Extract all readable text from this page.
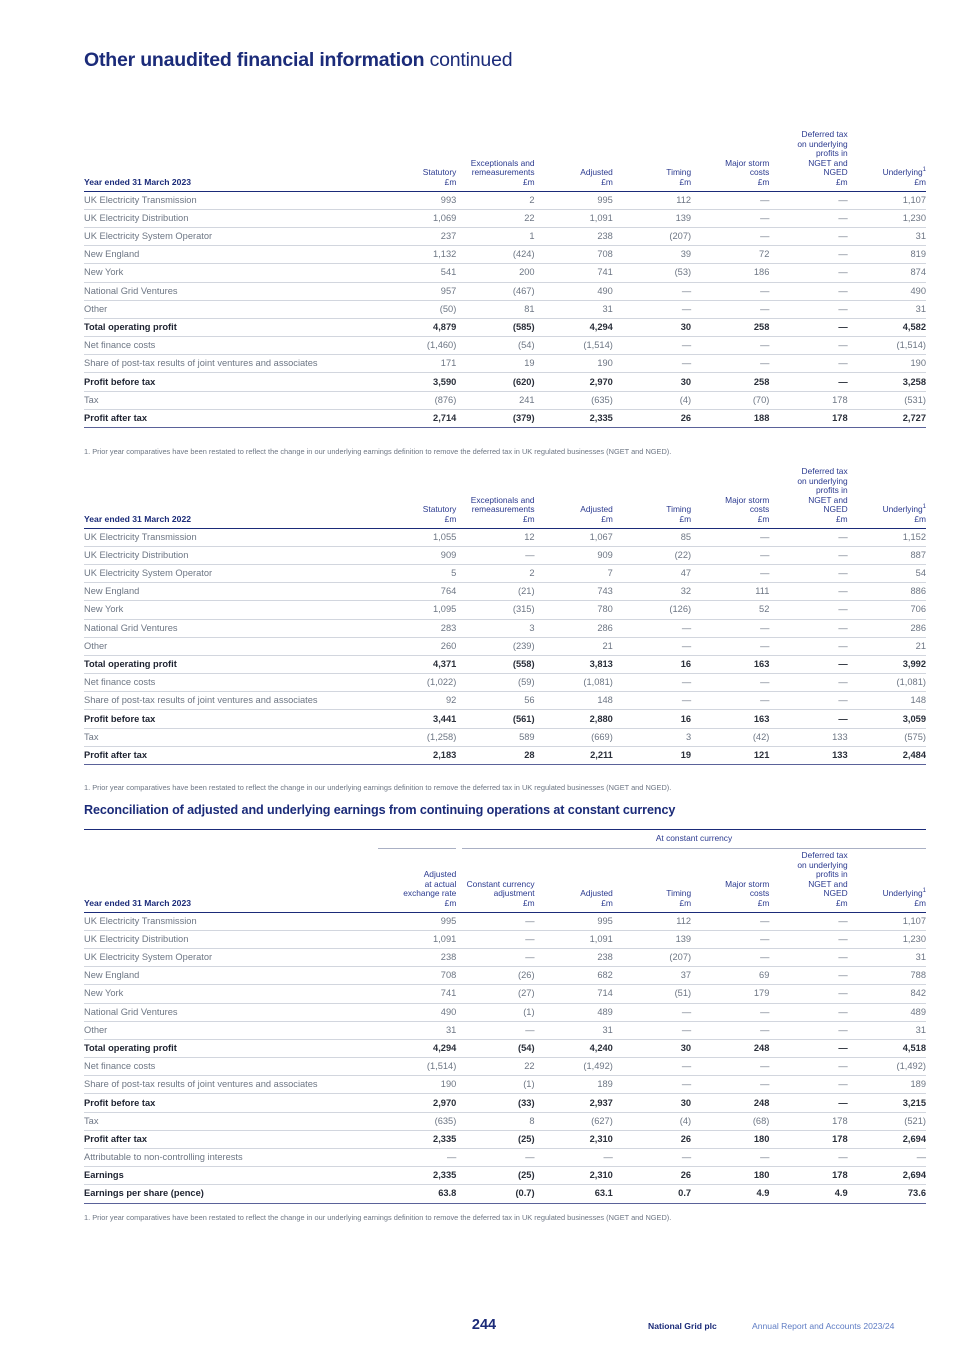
Other unaudited financial information continued
Year ended 31 March 2023	

Statutory
£m

Exceptionals and
remeasurements
£m

Adjusted
£m

Timing
£m

Major storm
costs
£m

Deferred tax
on underlying
profits in
NGET and
NGED
£m

Underlying$^1$
£m

UK Electricity Transmission	993	2	995	112	—	—	1,107
UK Electricity Distribution	1,069	22	1,091	139	—	—	1,230
UK Electricity System Operator	237	1	238	(207)	—	—	31
New England	1,132	(424)	708	39	72	—	819
New York	541	200	741	(53)	186	—	874
National Grid Ventures	957	(467)	490	—	—	—	490
Other	(50)	81	31	—	—	—	31
Total operating profit	4,879	(585)	4,294	30	258	—	4,582
Net finance costs	(1,460)	(54)	(1,514)	—	—	—	(1,514)
Share of post-tax results of joint ventures and associates	171	19	190	—	—	—	190
Profit before tax	3,590	(620)	2,970	30	258	—	3,258
Tax	(876)	241	(635)	(4)	(70)	178	(531)
Profit after tax	2,714	(379)	2,335	26	188	178	2,727
1. Prior year comparatives have been restated to reflect the change in our underlying earnings definition to remove the deferred tax in UK regulated businesses (NGET and NGED).
Year ended 31 March 2022	

Statutory
£m

Exceptionals and
remeasurements
£m

Adjusted
£m

Timing
£m

Major storm
costs
£m

Deferred tax
on underlying
profits in
NGET and
NGED
£m

Underlying$^1$
£m

UK Electricity Transmission	1,055	12	1,067	85	—	—	1,152
UK Electricity Distribution	909	—	909	(22)	—	—	887
UK Electricity System Operator	5	2	7	47	—	—	54
New England	764	(21)	743	32	111	—	886
New York	1,095	(315)	780	(126)	52	—	706
National Grid Ventures	283	3	286	—	—	—	286
Other	260	(239)	21	—	—	—	21
Total operating profit	4,371	(558)	3,813	16	163	—	3,992
Net finance costs	(1,022)	(59)	(1,081)	—	—	—	(1,081)
Share of post-tax results of joint ventures and associates	92	56	148	—	—	—	148
Profit before tax	3,441	(561)	2,880	16	163	—	3,059
Tax	(1,258)	589	(669)	3	(42)	133	(575)
Profit after tax	2,183	28	2,211	19	121	133	2,484
1. Prior year comparatives have been restated to reflect the change in our underlying earnings definition to remove the deferred tax in UK regulated businesses (NGET and NGED).
Reconciliation of adjusted and underlying earnings from continuing operations at constant currency
At constant currency
Year ended 31 March 2023	

Adjusted
at actual
exchange rate
£m

Constant currency
adjustment
£m

Adjusted
£m

Timing
£m

Major storm
costs
£m

Deferred tax
on underlying
profits in
NGET and
NGED
£m

Underlying$^1$
£m

UK Electricity Transmission	995	—	995	112	—	—	1,107
UK Electricity Distribution	1,091	—	1,091	139	—	—	1,230
UK Electricity System Operator	238	—	238	(207)	—	—	31
New England	708	(26)	682	37	69	—	788
New York	741	(27)	714	(51)	179	—	842
National Grid Ventures	490	(1)	489	—	—	—	489
Other	31	—	31	—	—	—	31
Total operating profit	4,294	(54)	4,240	30	248	—	4,518
Net finance costs	(1,514)	22	(1,492)	—	—	—	(1,492)
Share of post-tax results of joint ventures and associates	190	(1)	189	—	—	—	189
Profit before tax	2,970	(33)	2,937	30	248	—	3,215
Tax	(635)	8	(627)	(4)	(68)	178	(521)
Profit after tax	2,335	(25)	2,310	26	180	178	2,694
Attributable to non-controlling interests	—	—	—	—	—	—	—
Earnings	2,335	(25)	2,310	26	180	178	2,694
Earnings per share (pence)	63.8	(0.7)	63.1	0.7	4.9	4.9	73.6
1. Prior year comparatives have been restated to reflect the change in our underlying earnings definition to remove the deferred tax in UK regulated businesses (NGET and NGED).
244	National Grid plc	Annual Report and Accounts 2023/24
